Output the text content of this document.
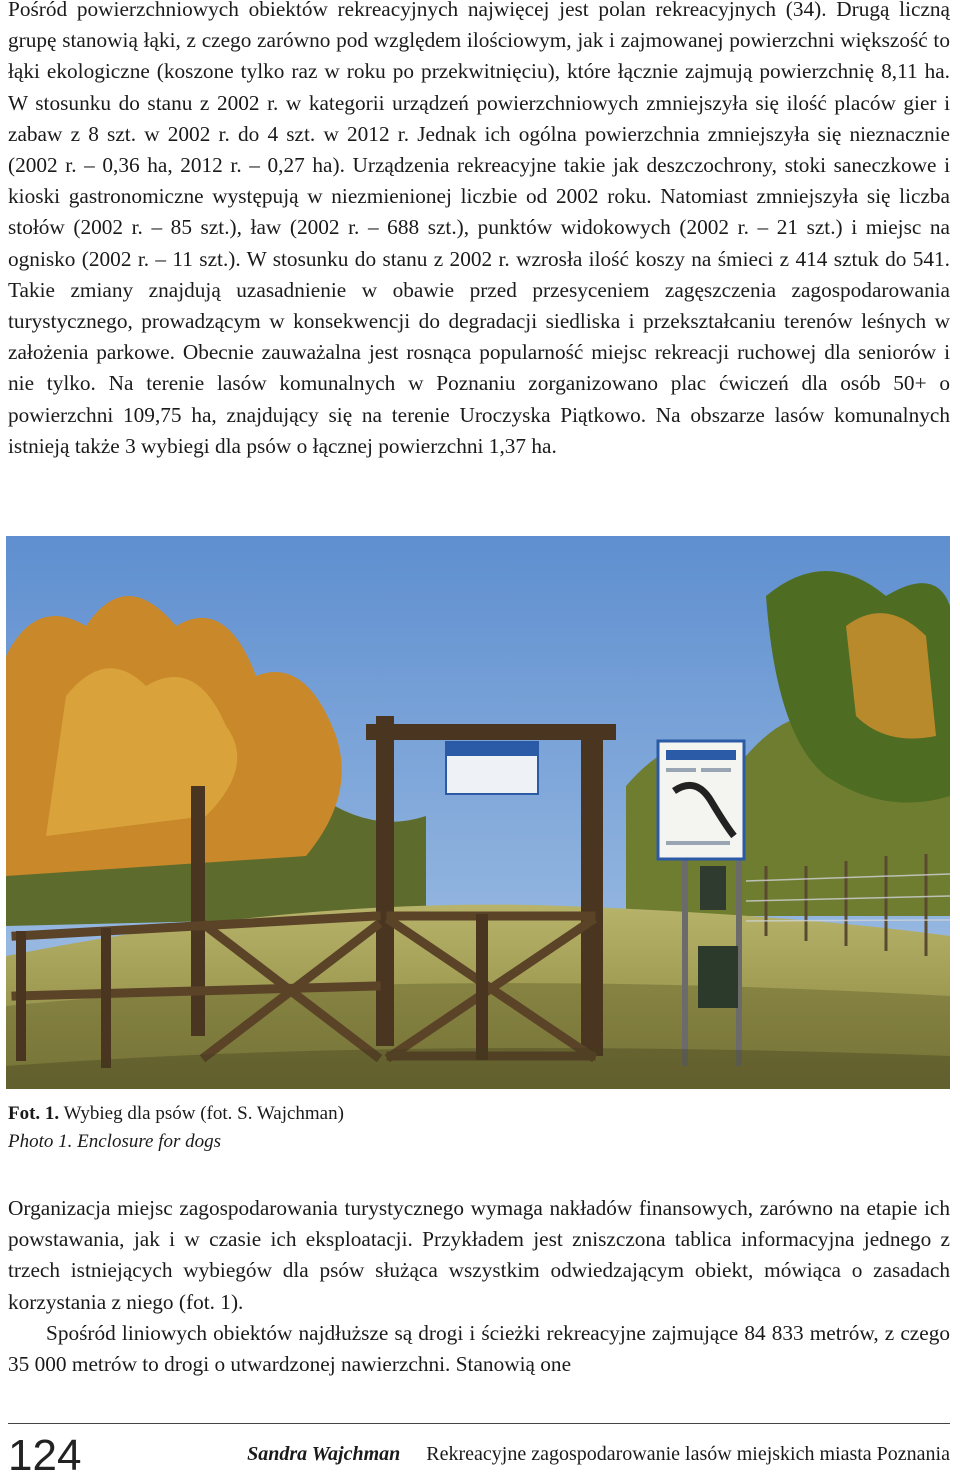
Pośród powierzchniowych obiektów rekreacyjnych najwięcej jest polan rekreacyjnych (34). Drugą liczną grupę stanowią łąki, z czego zarówno pod względem ilościowym, jak i zajmowanej powierzchni większość to łąki ekologiczne (koszone tylko raz w roku po przekwitnięciu), które łącznie zajmują powierzchnię 8,11 ha. W stosunku do stanu z 2002 r. w kategorii urządzeń powierzchniowych zmniejszyła się ilość placów gier i zabaw z 8 szt. w 2002 r. do 4 szt. w 2012 r. Jednak ich ogólna powierzchnia zmniejszyła się nieznacznie (2002 r. – 0,36 ha, 2012 r. – 0,27 ha). Urządzenia rekreacyjne takie jak deszczochrony, stoki saneczkowe i kioski gastronomiczne występują w niezmienionej liczbie od 2002 roku. Natomiast zmniejszyła się liczba stołów (2002 r. – 85 szt.), ław (2002 r. – 688 szt.), punktów widokowych (2002 r. – 21 szt.) i miejsc na ognisko (2002 r. – 11 szt.). W stosunku do stanu z 2002 r. wzrosła ilość koszy na śmieci z 414 sztuk do 541. Takie zmiany znajdują uzasadnienie w obawie przed przesyceniem zagęszczenia zagospodarowania turystycznego, prowadzącym w konsekwencji do degradacji siedliska i przekształcaniu terenów leśnych w założenia parkowe. Obecnie zauważalna jest rosnąca popularność miejsc rekreacji ruchowej dla seniorów i nie tylko. Na terenie lasów komunalnych w Poznaniu zorganizowano plac ćwiczeń dla osób 50+ o powierzchni 109,75 ha, znajdujący się na terenie Uroczyska Piątkowo. Na obszarze lasów komunalnych istnieją także 3 wybiegi dla psów o łącznej powierzchni 1,37 ha.

Fot. 1. Wybieg dla psów (fot. S. Wajchman)
Photo 1. Enclosure for dogs

Organizacja miejsc zagospodarowania turystycznego wymaga nakładów finansowych, zarówno na etapie ich powstawania, jak i w czasie ich eksploatacji. Przykładem jest zniszczona tablica informacyjna jednego z trzech istniejących wybiegów dla psów służąca wszystkim odwiedzającym obiekt, mówiąca o zasadach korzystania z niego (fot. 1).

Spośród liniowych obiektów najdłuższe są drogi i ścieżki rekreacyjne zajmujące 84 833 metrów, z czego 35 000 metrów to drogi o utwardzonej nawierzchni. Stanowią one

124	Sandra Wajchman Rekreacyjne zagospodarowanie lasów miejskich miasta Poznania
